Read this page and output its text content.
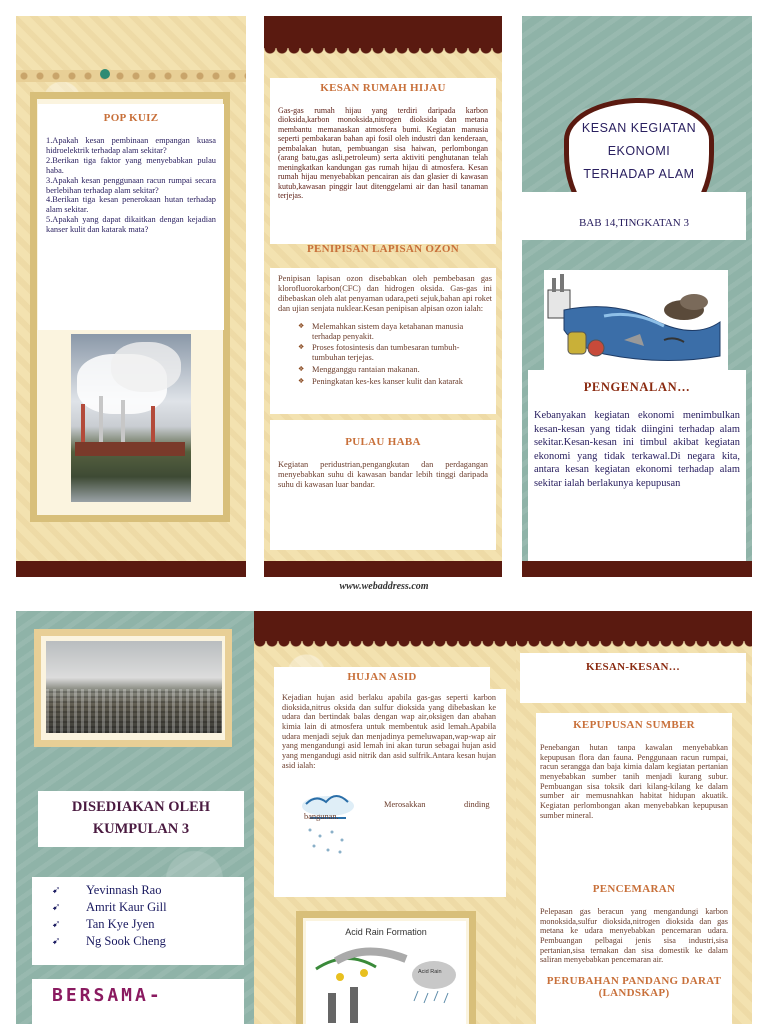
POP KUIZ

1.Apakah kesan pembinaan empangan kuasa hidroelektrik terhadap alam sekitar?

2.Berikan tiga faktor yang menyebabkan pulau haba.

3.Apakah kesan penggunaan racun rumpai secara berlebihan terhadap alam sekitar?

4.Berikan tiga kesan penerokaan hutan terhadap alam sekitar.

5.Apakah yang dapat dikaitkan dengan kejadian kanser kulit dan katarak mata?

KESAN RUMAH HIJAU
Gas-gas rumah hijau yang terdiri daripada karbon dioksida,karbon monoksida,nitrogen dioksida dan metana membantu memanaskan atmosfera bumi. Kegiatan manusia seperti pembakaran bahan api fosil oleh industri dan kenderaan, pembalakan hutan, pembuangan sisa haiwan, perlombongan (arang batu,gas asli,petroleum) serta aktiviti penghutanan telah meningkatkan kandungan gas rumah hijau di atmosfera. Kesan rumah hijau menyebabkan pencairan ais dan glasier di kawasan kutub,kawasan pinggir laut ditenggelami air dan hasil tanaman terjejas.
PENIPISAN LAPISAN OZON
Penipisan lapisan ozon disebabkan oleh pembebasan gas klorofluorokarbon(CFC) dan hidrogen oksida. Gas-gas ini dibebaskan oleh alat penyaman udara,peti sejuk,bahan api roket dan ujian senjata nuklear.Kesan penipisan alpisan ozon ialah:
❖ Melemahkan sistem daya ketahanan manusia terhadap penyakit.
❖ Proses fotosintesis dan tumbesaran tumbuh-tumbuhan terjejas.
❖ Mengganggu rantaian makanan.
❖ Peningkatan kes-kes kanser kulit dan katarak
PULAU HABA
Kegiatan peridustrian,pengangkutan dan perdagangan menyebabkan suhu di kawasan bandar lebih tinggi daripada suhu di kawasan luar bandar.
KESAN KEGIATAN EKONOMI TERHADAP ALAM
BAB 14,TINGKATAN 3
PENGENALAN…
Kebanyakan kegiatan ekonomi menimbulkan kesan-kesan yang tidak diingini terhadap alam sekitar.Kesan-kesan ini timbul akibat kegiatan ekonomi yang tidak terkawal.Di negara kita, antara kesan kegiatan ekonomi terhadap alam sekitar ialah berlakunya kepupusan
www.webaddress.com
DISEDIAKAN OLEH KUMPULAN 3
➹ Yevinnash Rao
➹ Amrit Kaur Gill
➹ Tan Kye Jyen
➹ Ng Sook Cheng
BERSAMA-
HUJAN ASID
Kejadian hujan asid berlaku apabila gas-gas seperti karbon dioksida,nitrus oksida dan sulfur dioksida yang dibebaskan ke udara dan bertindak balas dengan wap air,oksigen dan abahan kimia lain di atmosfera untuk membentuk asid lemah.Apabila udara menjadi sejuk dan menjadinya pemeluwapan,wap-wap air yang mengandungi asid lemah ini akan turun sebagai hujan asid yang mengandugi asid nitrik dan asid sulfrik.Antara kesan hujan asid ialah:
Merosakkan	dinding
bangunan.
Acid Rain Formation
Acid Rain
KESAN-KESAN…
KEPUPUSAN SUMBER
Penebangan hutan tanpa kawalan menyebabkan kepupusan flora dan fauna. Penggunaan racun rumpai, racun serangga dan baja kimia dalam kegiatan pertanian menyebabkan sumber tanih menjadi kurang subur. Pembuangan sisa toksik dari kilang-kilang ke dalam sumber air memusnahkan habitat hidupan akuatik. Kegiatan perlombongan akan menyebabkan kepupusan sumber mineral.
PENCEMARAN
Pelepasan gas beracun yang mengandungi karbon monoksida,sulfur dioksida,nitrogen dioksida dan gas metana ke udara menyebabkan pencemaran udara. Pembuangan pelbagai jenis sisa industri,sisa pertanian,sisa ternakan dan sisa domestik ke dalam saliran menyebabkan pencemaran air.
PERUBAHAN PANDANG DARAT (LANDSKAP)
